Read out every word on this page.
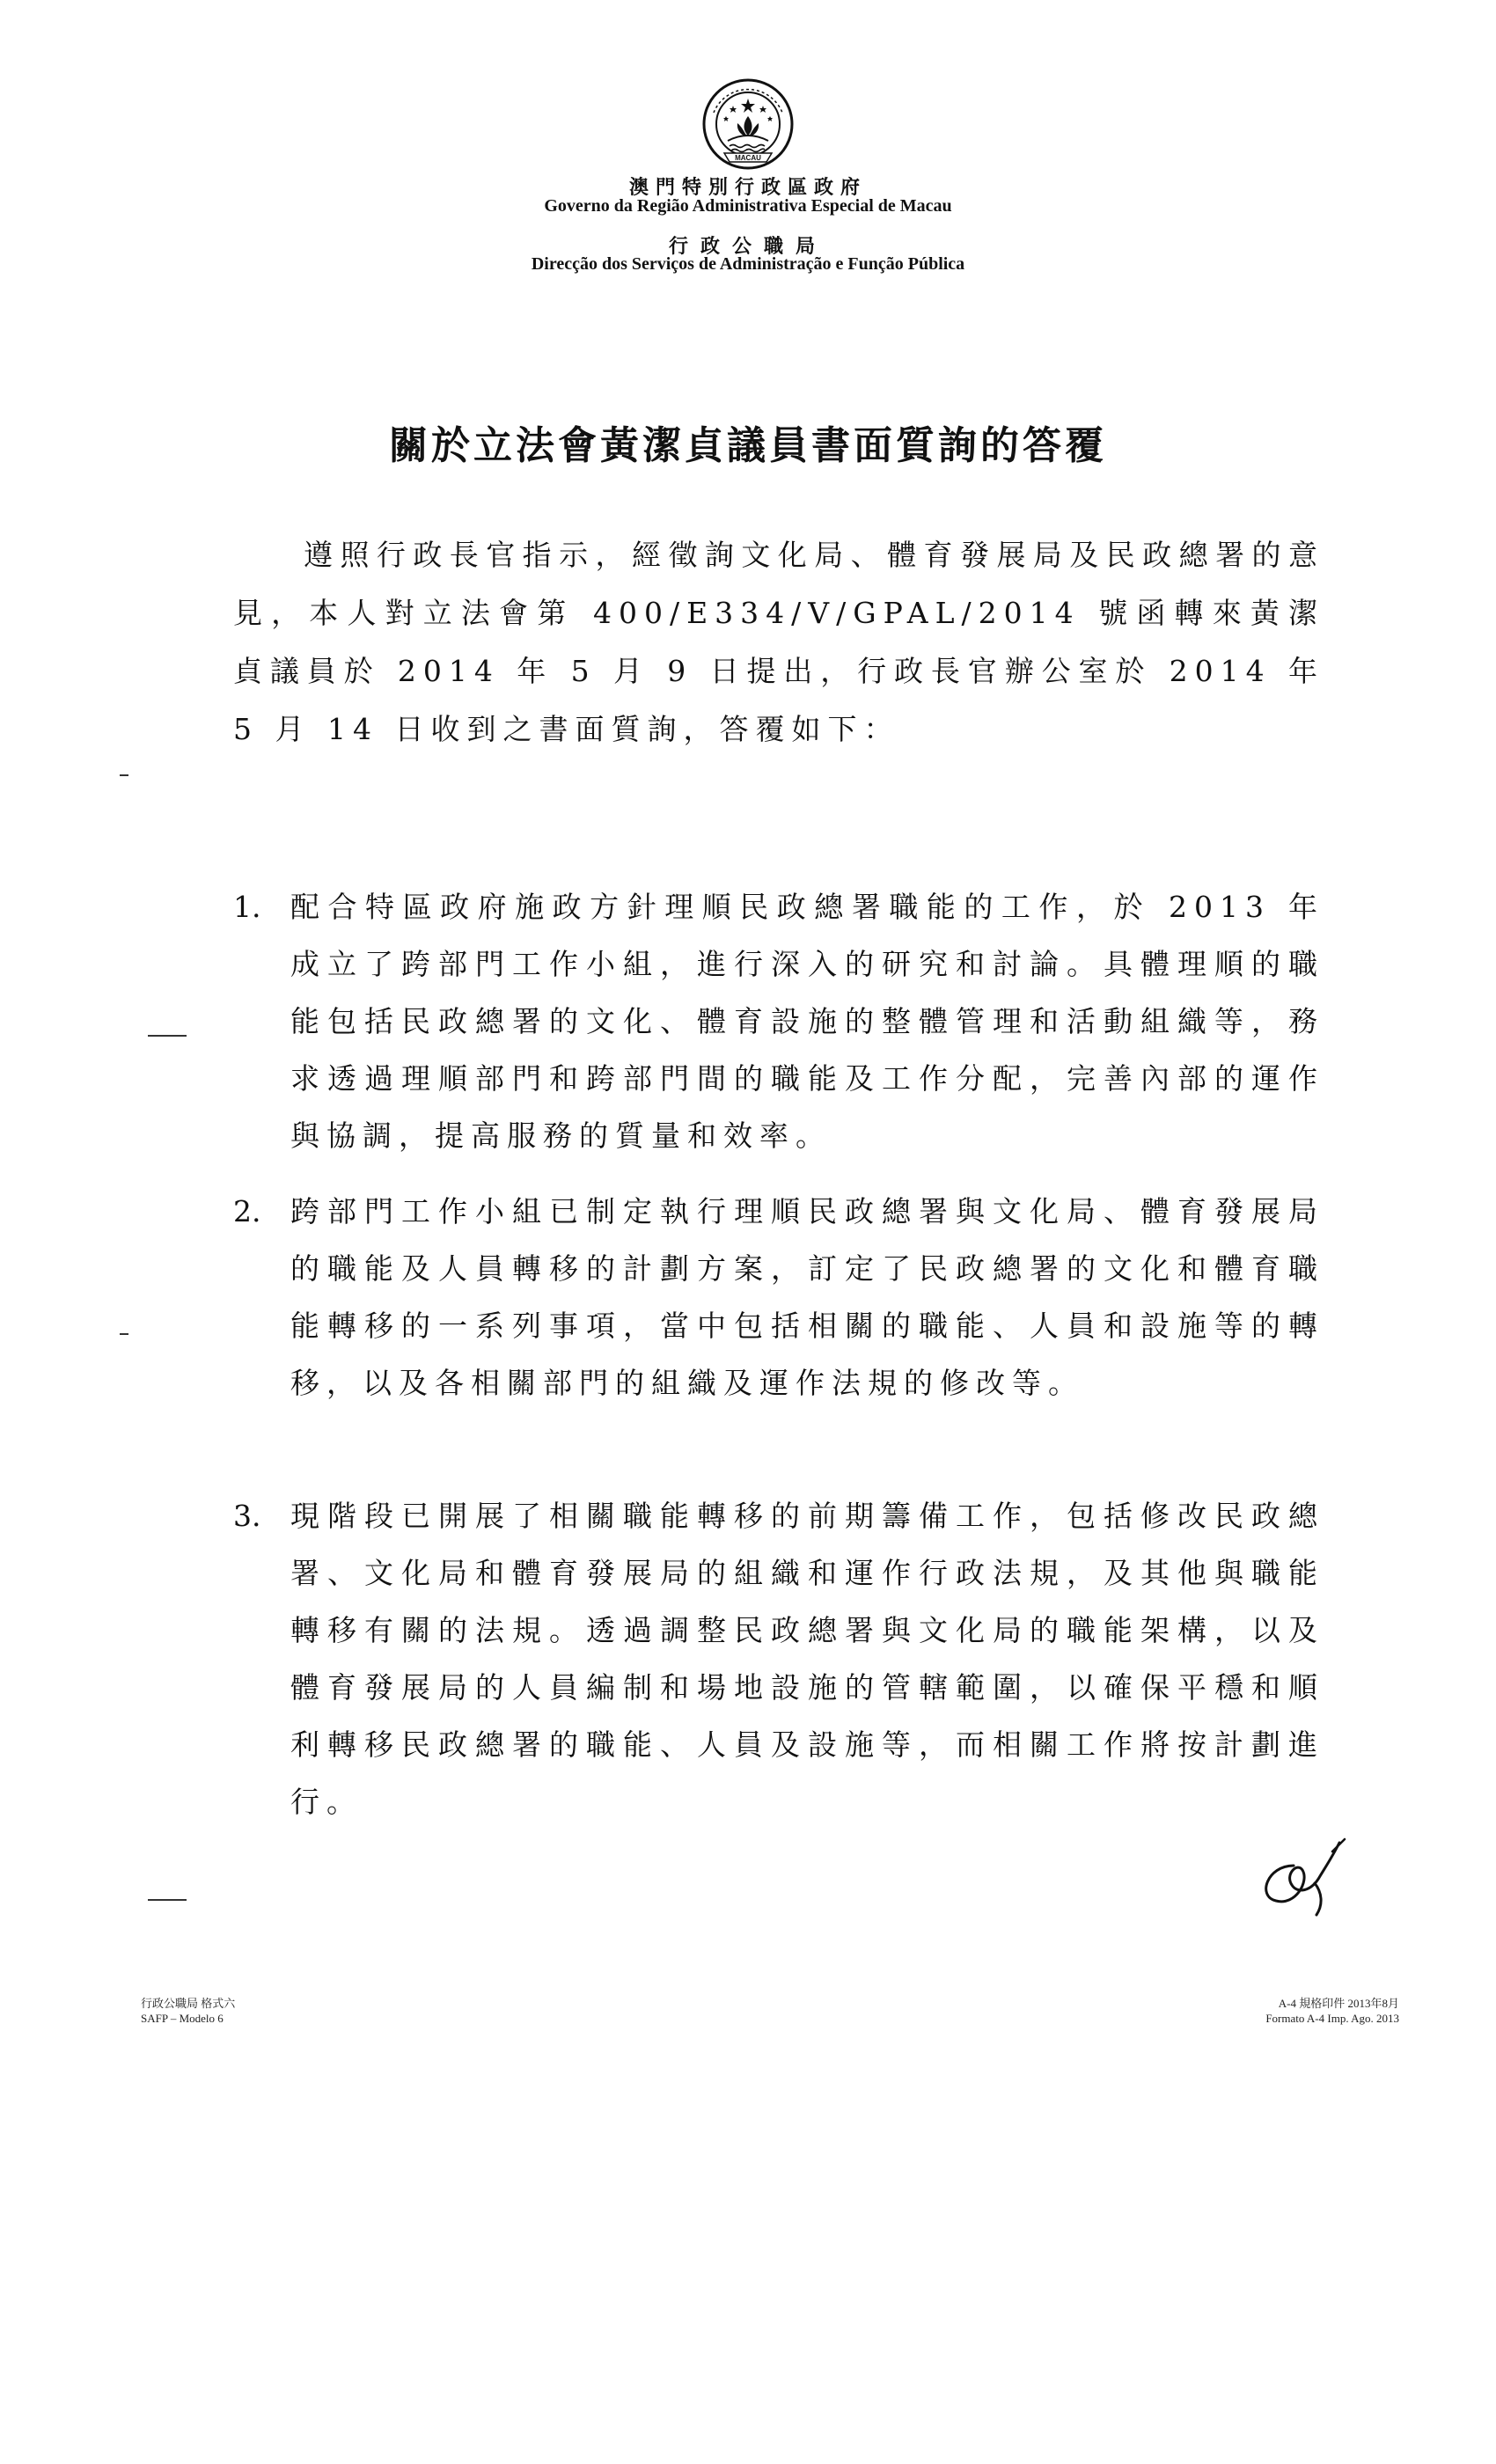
MACAU
澳門特別行政區政府
Governo da Região Administrativa Especial de Macau
行政公職局
Direcção dos Serviços de Administração e Função Pública
關於立法會黃潔貞議員書面質詢的答覆

遵照行政長官指示，經徵詢文化局、體育發展局及民政總署的意見，本人對立法會第 400/E334/V/GPAL/2014 號函轉來黃潔貞議員於 2014 年 5 月 9 日提出，行政長官辦公室於 2014 年 5 月 14 日收到之書面質詢，答覆如下：

1.	配合特區政府施政方針理順民政總署職能的工作，於 2013 年成立了跨部門工作小組，進行深入的研究和討論。具體理順的職能包括民政總署的文化、體育設施的整體管理和活動組織等，務求透過理順部門和跨部門間的職能及工作分配，完善內部的運作與協調，提高服務的質量和效率。
2.	跨部門工作小組已制定執行理順民政總署與文化局、體育發展局的職能及人員轉移的計劃方案，訂定了民政總署的文化和體育職能轉移的一系列事項，當中包括相關的職能、人員和設施等的轉移，以及各相關部門的組織及運作法規的修改等。
3.	現階段已開展了相關職能轉移的前期籌備工作，包括修改民政總署、文化局和體育發展局的組織和運作行政法規，及其他與職能轉移有關的法規。透過調整民政總署與文化局的職能架構，以及體育發展局的人員編制和場地設施的管轄範圍，以確保平穩和順利轉移民政總署的職能、人員及設施等，而相關工作將按計劃進行。
行政公職局 格式六
SAFP – Modelo 6
A-4 規格印件 2013年8月
Formato A-4 Imp. Ago. 2013
